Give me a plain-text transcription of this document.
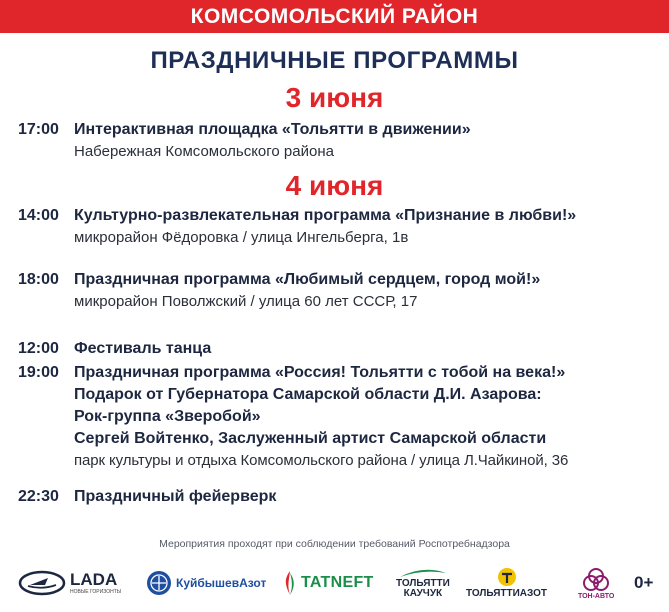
КОМСОМОЛЬСКИЙ РАЙОН
ПРАЗДНИЧНЫЕ ПРОГРАММЫ
3 июня
17:00 Интерактивная площадка «Тольятти в движении»
Набережная Комсомольского района
4 июня
14:00 Культурно-развлекательная программа «Признание в любви!»
микрорайон Фёдоровка / улица Ингельберга, 1в
18:00 Праздничная программа «Любимый сердцем, город мой!»
микрорайон Поволжский / улица 60 лет СССР, 17
12:00 Фестиваль танца
19:00 Праздничная программа «Россия! Тольятти с тобой на века!»
Подарок от Губернатора Самарской области Д.И. Азарова:
Рок-группа «Зверобой»
Сергей Войтенко, Заслуженный артист Самарской области
парк культуры и отдыха Комсомольского района / улица Л.Чайкиной, 36
22:30 Праздничный фейерверк
Мероприятия проходят при соблюдении требований Роспотребнадзора
LADA
НОВЫЕ ГОРИЗОНТЫ
КуйбышевАзот TATNEFT ТОЛЬЯТТИ
КАУЧУК ТОЛЬЯТТИАЗОТ	ТОН-АВТО
0+
